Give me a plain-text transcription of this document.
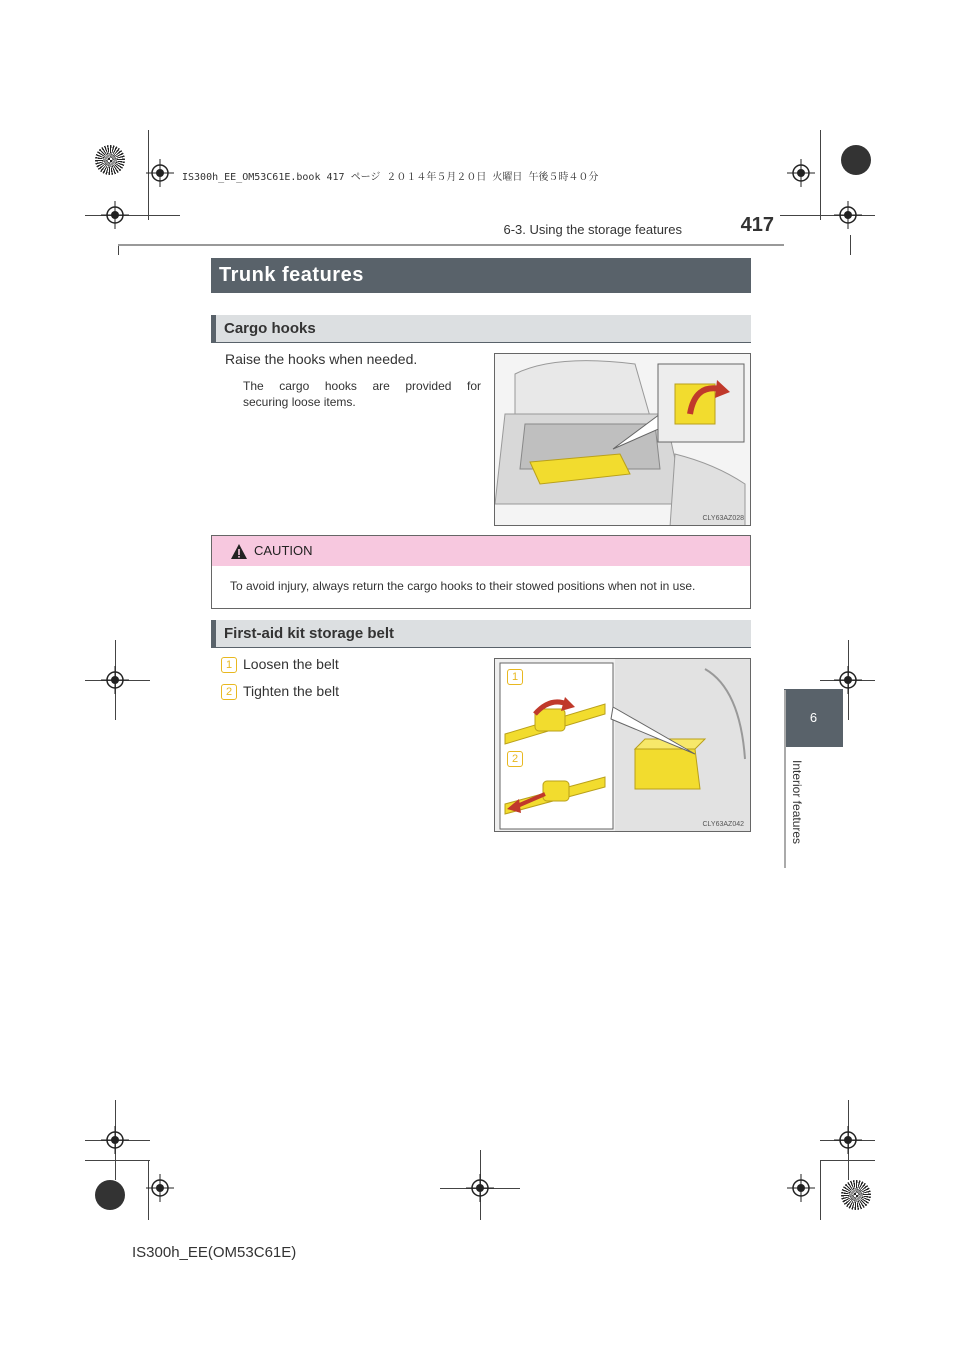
IS300h_EE_OM53C61E.book 417 ページ ２０１４年５月２０日 火曜日 午後５時４０分
6-3. Using the storage features	417
6
Interior features
Trunk features
Cargo hooks
Raise the hooks when needed.
The cargo hooks are provided for
securing loose items.
CLY63AZ028
CAUTION
To avoid injury, always return the cargo hooks to their stowed positions when not in use.
First-aid kit storage belt
1 Loosen the belt
2 Tighten the belt
1
2
CLY63AZ042
IS300h_EE(OM53C61E)
